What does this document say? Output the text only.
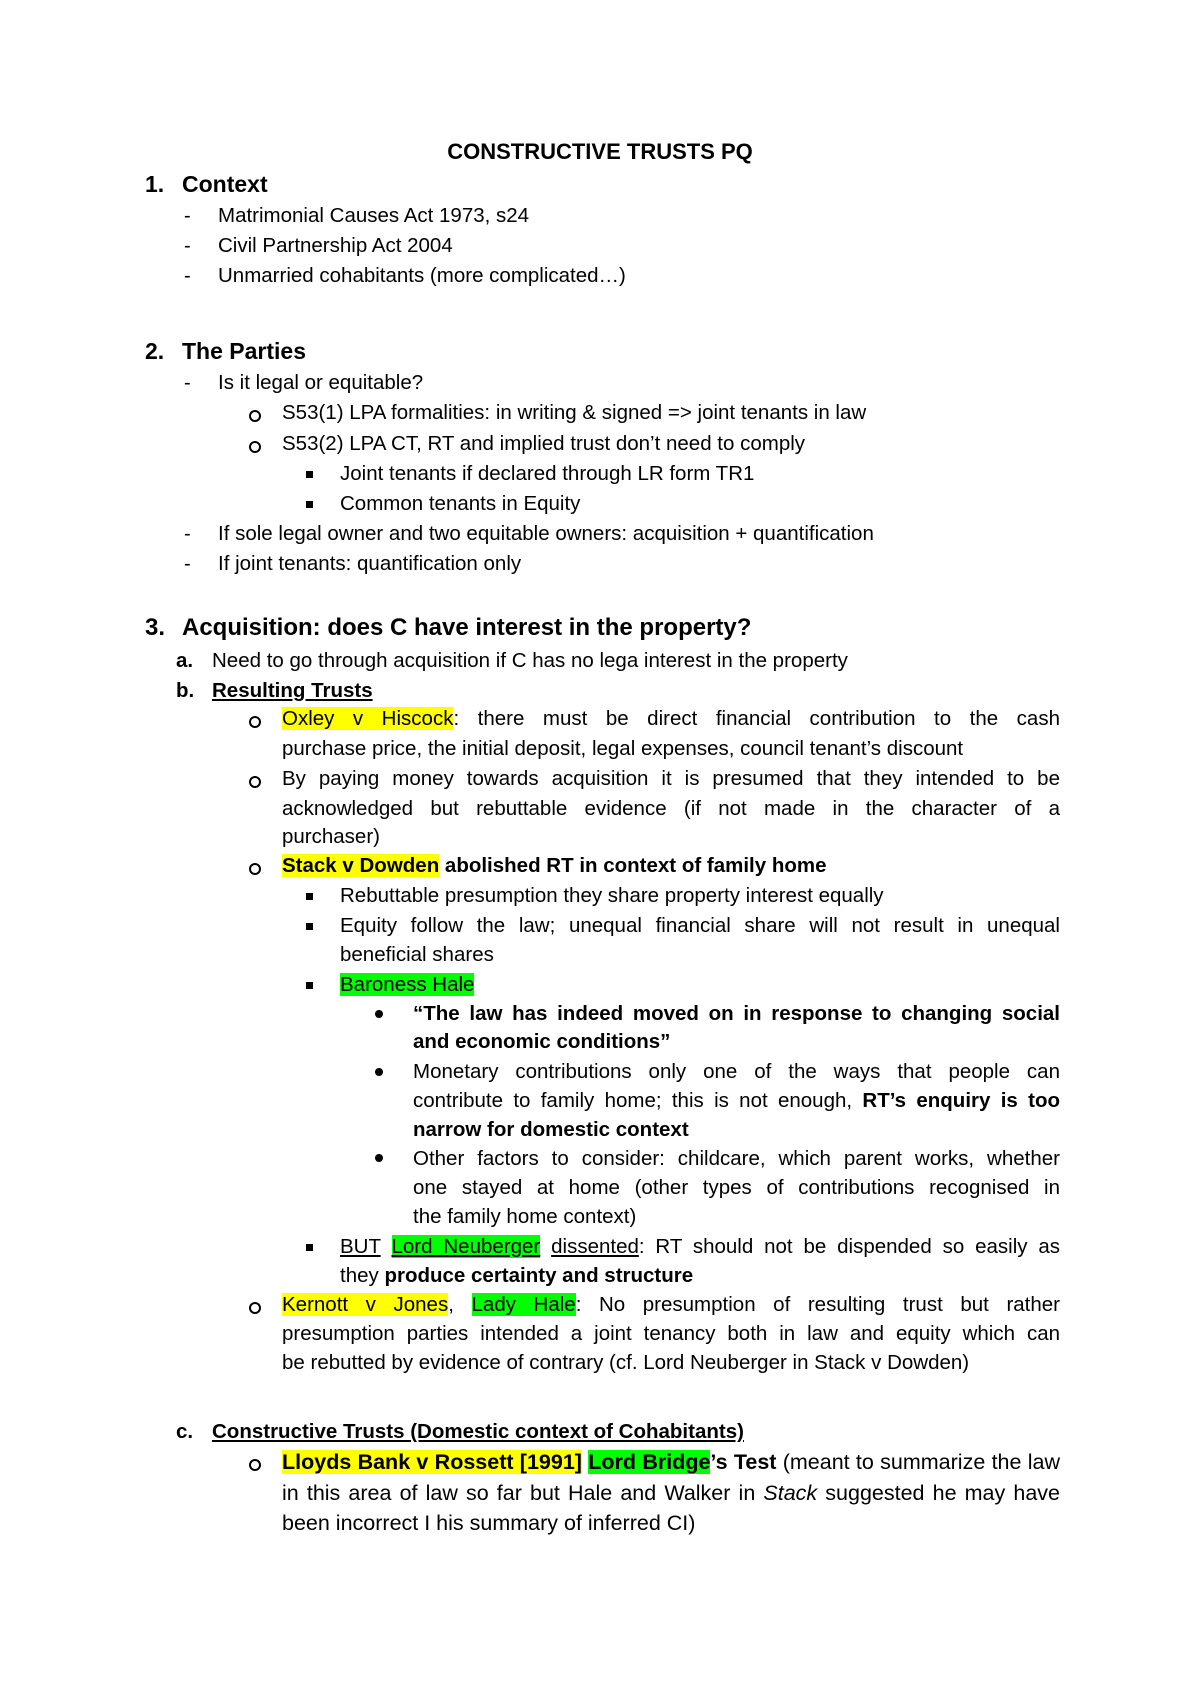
CONSTRUCTIVE TRUSTS PQ
1. Context
- Matrimonial Causes Act 1973, s24
- Civil Partnership Act 2004
- Unmarried cohabitants (more complicated…)
2. The Parties
- Is it legal or equitable?
S53(1) LPA formalities: in writing & signed => joint tenants in law
S53(2) LPA CT, RT and implied trust don’t need to comply
Joint tenants if declared through LR form TR1
Common tenants in Equity
- If sole legal owner and two equitable owners: acquisition + quantification
- If joint tenants: quantification only
3. Acquisition: does C have interest in the property?
a. Need to go through acquisition if C has no lega interest in the property
b. Resulting Trusts
Oxley v Hiscock: there must be direct financial contribution to the cash
purchase price, the initial deposit, legal expenses, council tenant’s discount
By paying money towards acquisition it is presumed that they intended to be
acknowledged but rebuttable evidence (if not made in the character of a
purchaser)
Stack v Dowden abolished RT in context of family home
Rebuttable presumption they share property interest equally
Equity follow the law; unequal financial share will not result in unequal
beneficial shares
Baroness Hale
“The law has indeed moved on in response to changing social
and economic conditions”
Monetary contributions only one of the ways that people can
contribute to family home; this is not enough, RT’s enquiry is too
narrow for domestic context
Other factors to consider: childcare, which parent works, whether
one stayed at home (other types of contributions recognised in
the family home context)
BUT Lord Neuberger dissented: RT should not be dispended so easily as
they produce certainty and structure
Kernott v Jones, Lady Hale: No presumption of resulting trust but rather
presumption parties intended a joint tenancy both in law and equity which can
be rebutted by evidence of contrary (cf. Lord Neuberger in Stack v Dowden)
c. Constructive Trusts (Domestic context of Cohabitants)
Lloyds Bank v Rossett [1991] Lord Bridge’s Test (meant to summarize the law
in this area of law so far but Hale and Walker in Stack suggested he may have
been incorrect I his summary of inferred CI)
